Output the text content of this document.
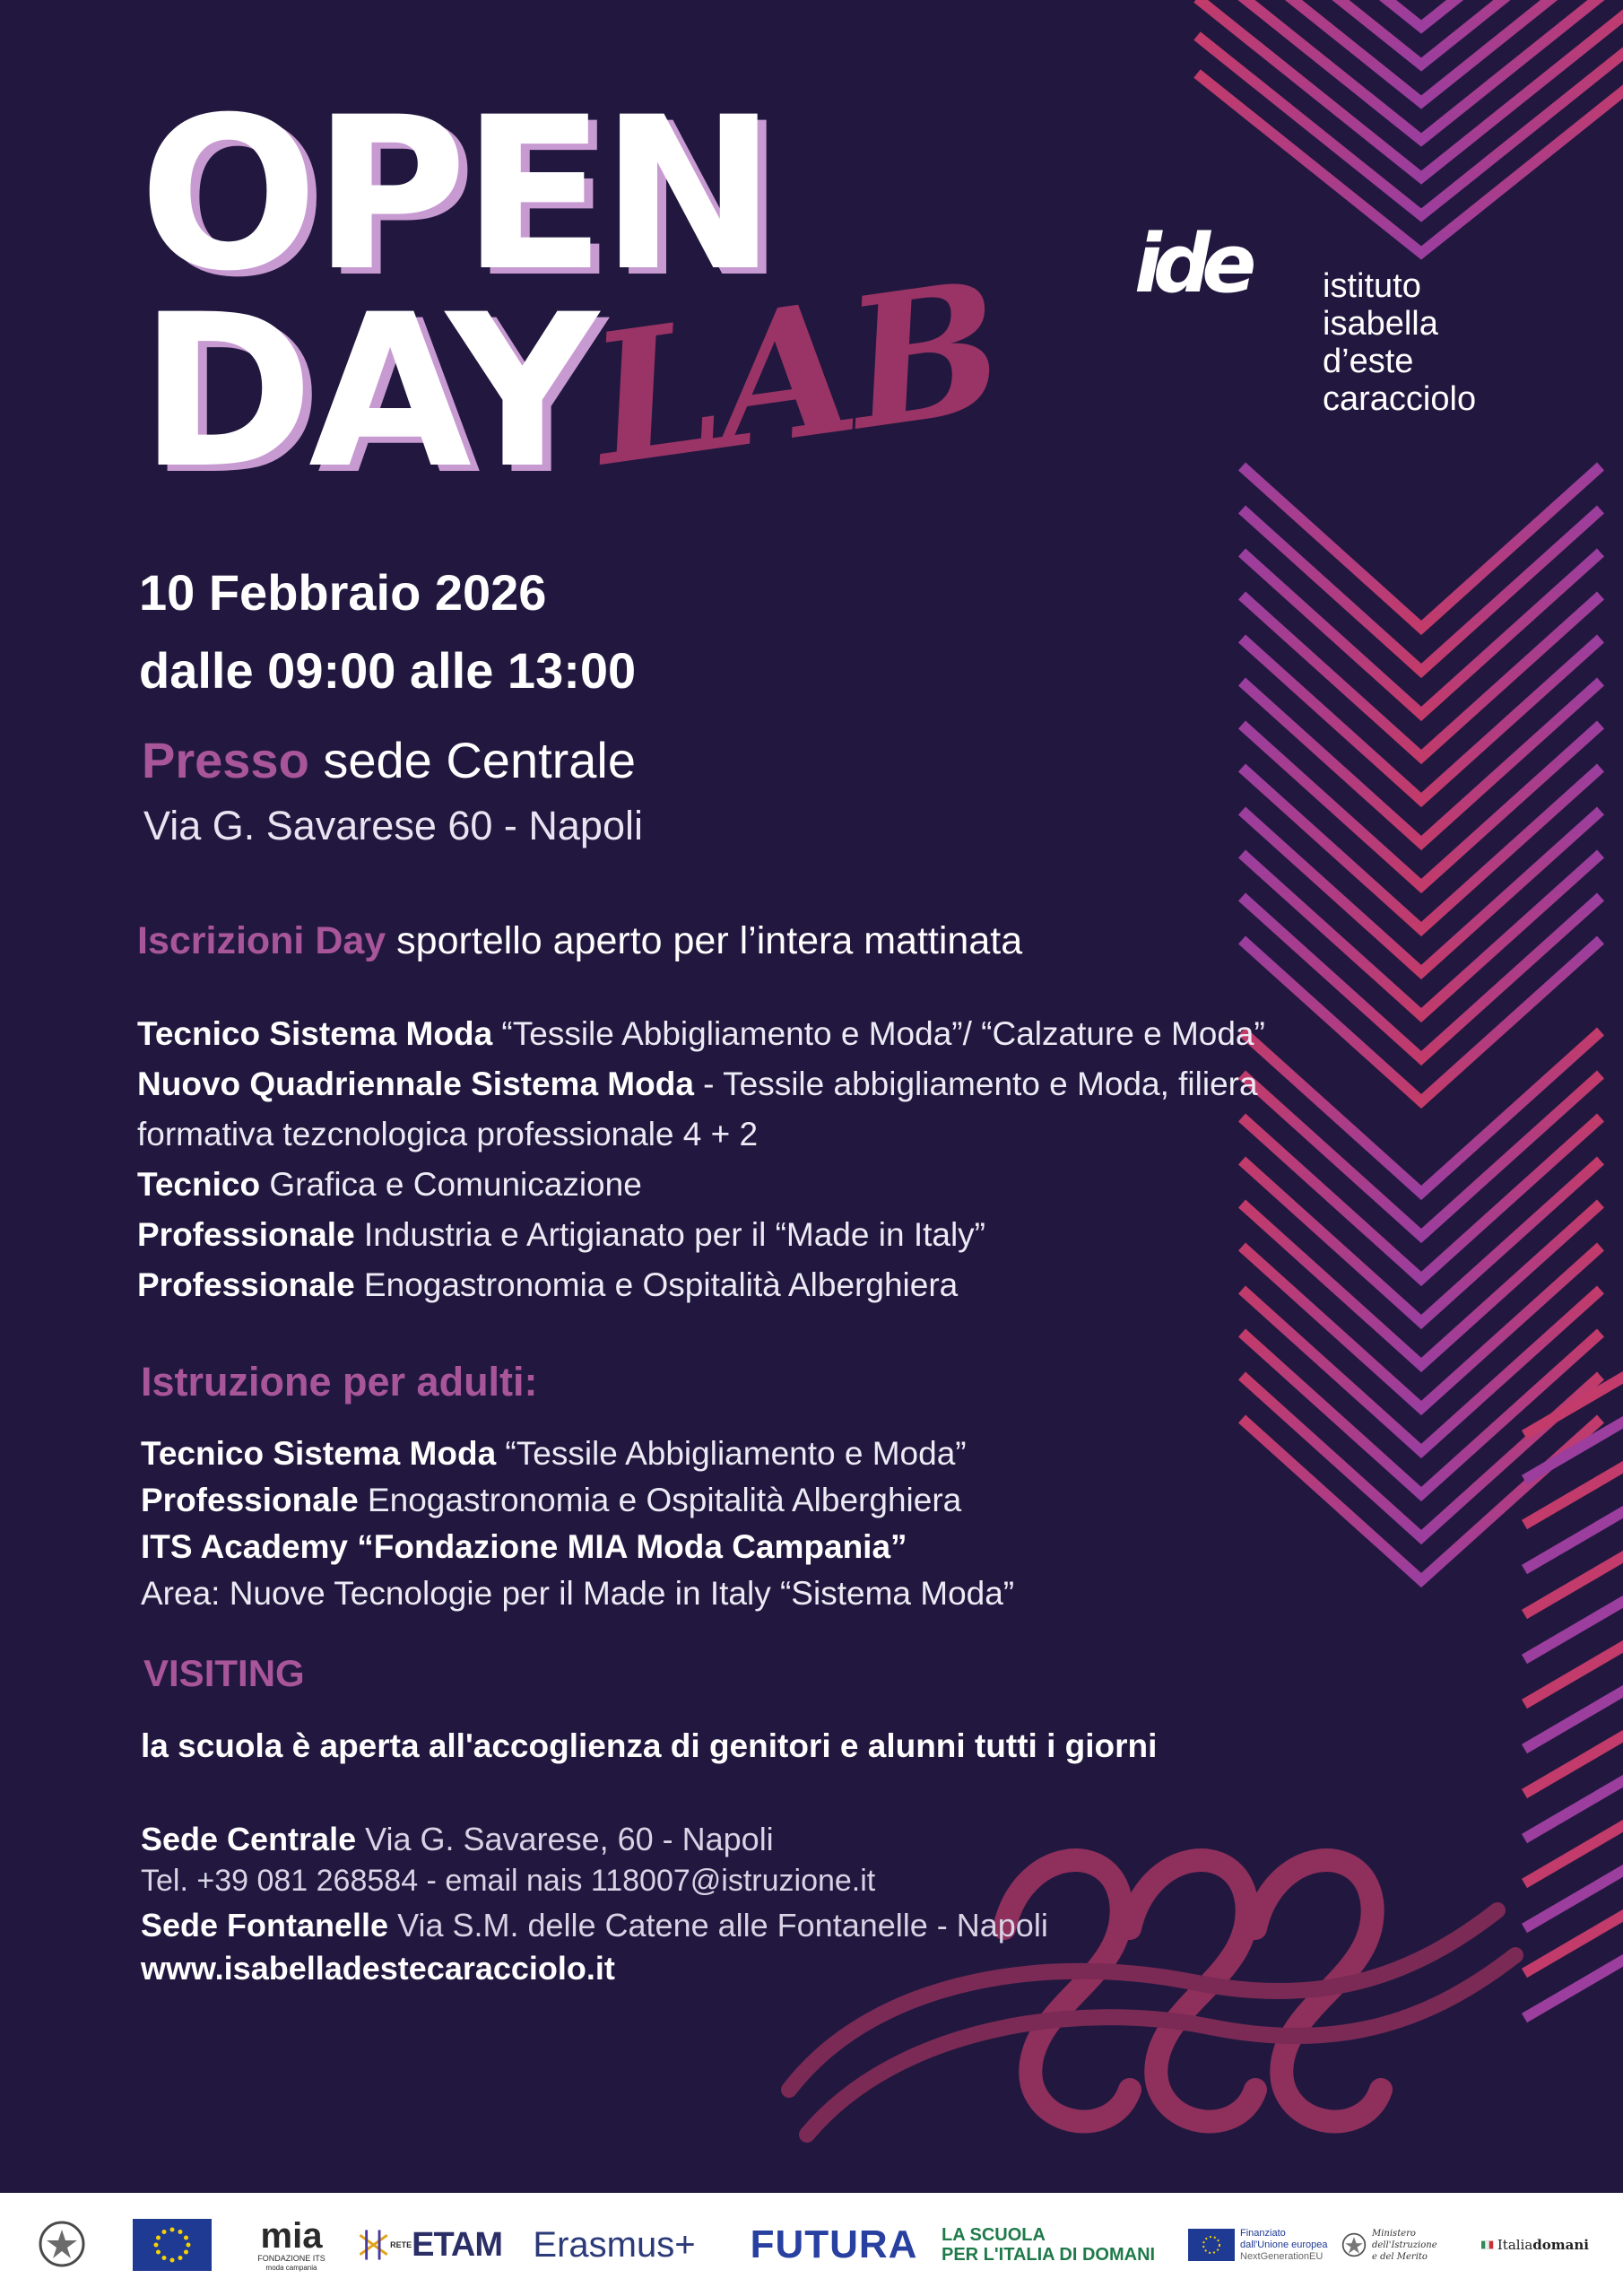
OPEN
DAY
LAB ide istituto
isabella d’este
caracciolo
10 Febbraio 2026
dalle 09:00 alle 13:00
Presso sede Centrale
Via G. Savarese 60 - Napoli
Iscrizioni Day sportello aperto per l’intera mattinata
Tecnico Sistema Moda “Tessile Abbigliamento e Moda”/ “Calzature e Moda”
Nuovo Quadriennale Sistema Moda - Tessile abbigliamento e Moda, filiera
formativa tezcnologica professionale 4 + 2
Tecnico Grafica e Comunicazione
Professionale Industria e Artigianato per il “Made in Italy”
Professionale Enogastronomia e Ospitalità Alberghiera
Istruzione per adulti:
Tecnico Sistema Moda “Tessile Abbigliamento e Moda”
Professionale Enogastronomia e Ospitalità Alberghiera
ITS Academy “Fondazione MIA Moda Campania”
Area: Nuove Tecnologie per il Made in Italy “Sistema Moda”
VISITING
la scuola è aperta all'accoglienza di genitori e alunni tutti i giorni
Sede Centrale Via G. Savarese, 60 - Napoli
Tel. +39 081 268584 - email nais 118007@istruzione.it
Sede Fontanelle Via S.M. delle Catene alle Fontanelle - Napoli
www.isabelladestecaracciolo.it
mia
FONDAZIONE ITS
moda campania
RETE ETAM Erasmus+ FUTURA LA SCUOLA
PER L'ITALIA DI DOMANI
Finanziato
dall'Unione europea
NextGenerationEU
Ministero dell'Istruzione
e del Merito
Italiadomani
